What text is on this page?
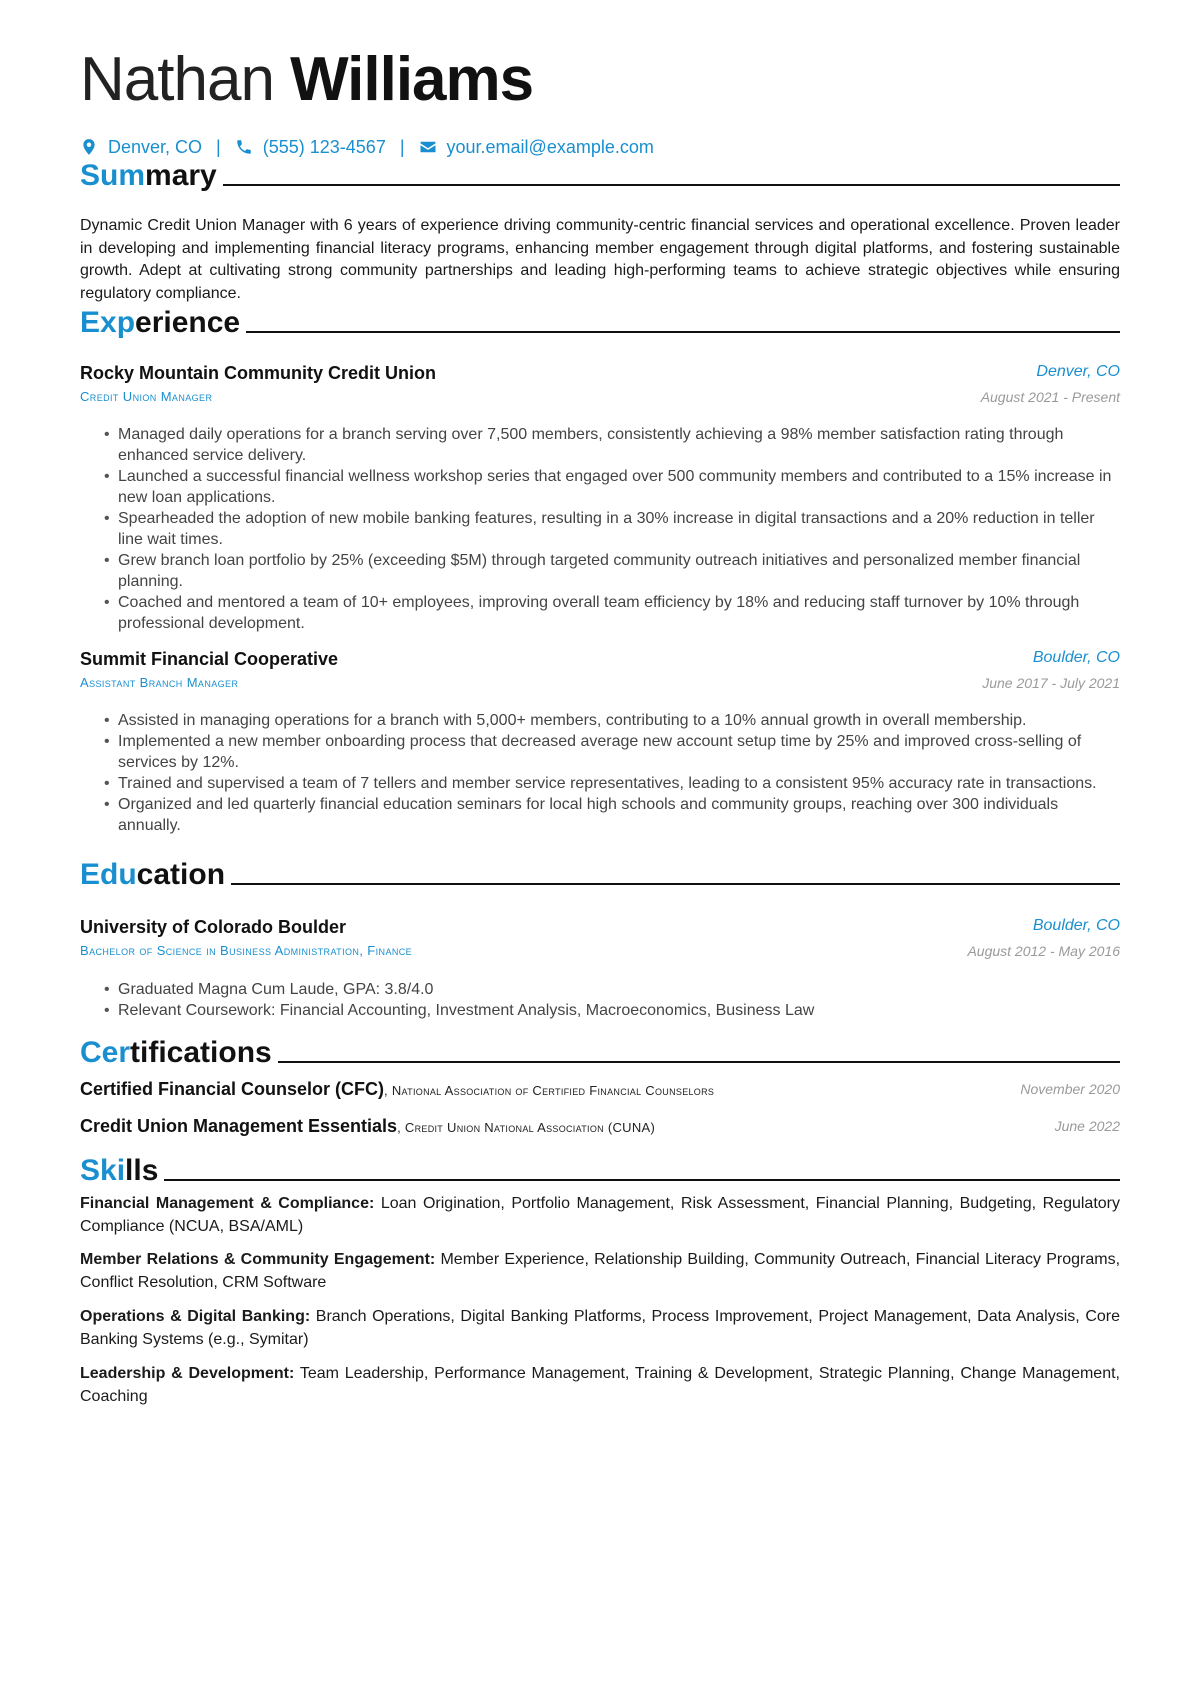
Nathan Williams
Denver, CO | (555) 123-4567 | your.email@example.com
Summary
Dynamic Credit Union Manager with 6 years of experience driving community-centric financial services and operational excellence. Proven leader in developing and implementing financial literacy programs, enhancing member engagement through digital platforms, and fostering sustainable growth. Adept at cultivating strong community partnerships and leading high-performing teams to achieve strategic objectives while ensuring regulatory compliance.
Experience
Rocky Mountain Community Credit Union	Denver, CO
Credit Union Manager	August 2021 - Present
• Managed daily operations for a branch serving over 7,500 members, consistently achieving a 98% member satisfaction rating through enhanced service delivery.
• Launched a successful financial wellness workshop series that engaged over 500 community members and contributed to a 15% increase in new loan applications.
• Spearheaded the adoption of new mobile banking features, resulting in a 30% increase in digital transactions and a 20% reduction in teller line wait times.
• Grew branch loan portfolio by 25% (exceeding $5M) through targeted community outreach initiatives and personalized member financial planning.
• Coached and mentored a team of 10+ employees, improving overall team efficiency by 18% and reducing staff turnover by 10% through professional development.
Summit Financial Cooperative	Boulder, CO
Assistant Branch Manager	June 2017 - July 2021
• Assisted in managing operations for a branch with 5,000+ members, contributing to a 10% annual growth in overall membership.
• Implemented a new member onboarding process that decreased average new account setup time by 25% and improved cross-selling of services by 12%.
• Trained and supervised a team of 7 tellers and member service representatives, leading to a consistent 95% accuracy rate in transactions.
• Organized and led quarterly financial education seminars for local high schools and community groups, reaching over 300 individuals annually.
Education
University of Colorado Boulder	Boulder, CO
Bachelor of Science in Business Administration, Finance	August 2012 - May 2016
• Graduated Magna Cum Laude, GPA: 3.8/4.0
• Relevant Coursework: Financial Accounting, Investment Analysis, Macroeconomics, Business Law
Certifications
Certified Financial Counselor (CFC), National Association of Certified Financial Counselors	November 2020
Credit Union Management Essentials, Credit Union National Association (CUNA)	June 2022
Skills
Financial Management & Compliance: Loan Origination, Portfolio Management, Risk Assessment, Financial Planning, Budgeting, Regulatory Compliance (NCUA, BSA/AML)
Member Relations & Community Engagement: Member Experience, Relationship Building, Community Outreach, Financial Literacy Programs, Conflict Resolution, CRM Software
Operations & Digital Banking: Branch Operations, Digital Banking Platforms, Process Improvement, Project Management, Data Analysis, Core Banking Systems (e.g., Symitar)
Leadership & Development: Team Leadership, Performance Management, Training & Development, Strategic Planning, Change Management, Coaching
